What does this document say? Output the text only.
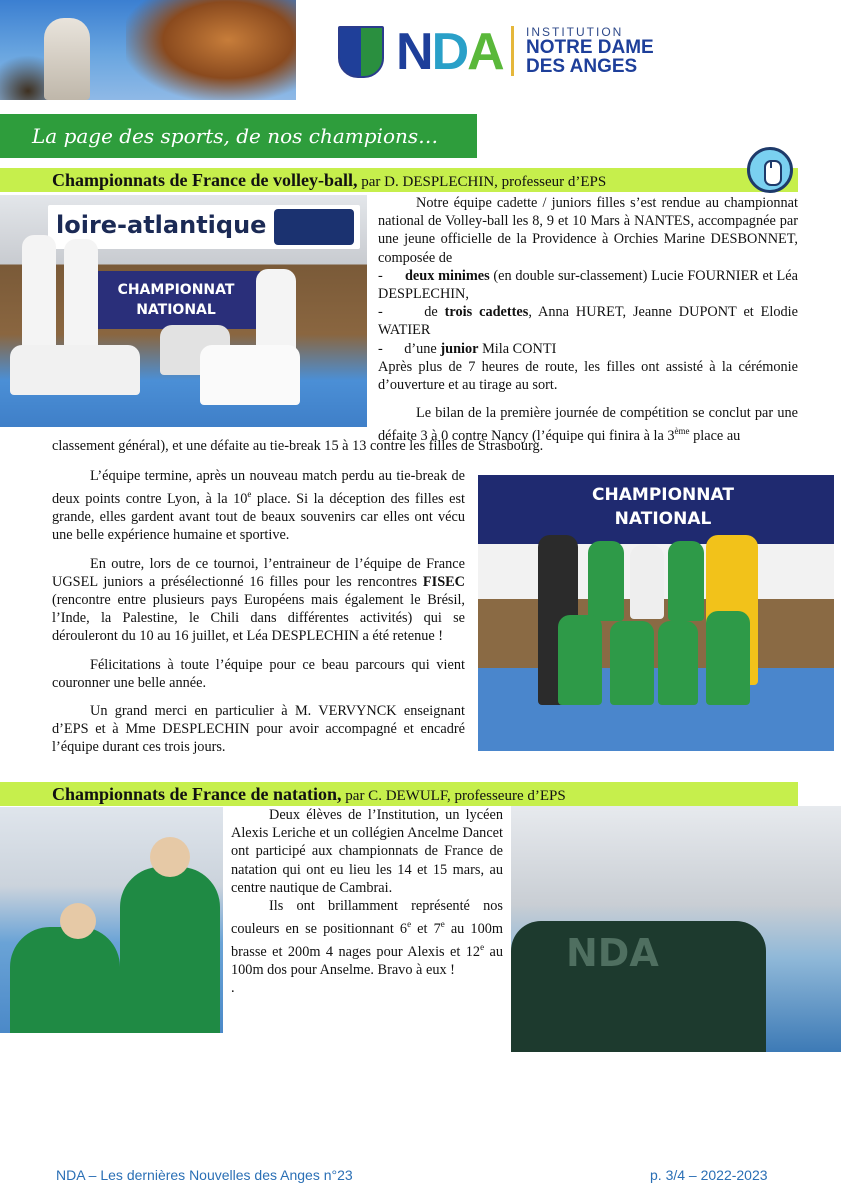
NDA INSTITUTION
NOTRE DAME
DES ANGES
La page des sports, de nos champions…
Championnats de France de volley-ball, par D. DESPLECHIN, professeur d’EPS
loire-atlantique
CHAMPIONNAT
NATIONAL

Notre équipe cadette / juniors filles s’est rendue au championnat national de Volley-ball les 8, 9 et 10 Mars à NANTES, accompagnée par une jeune officielle de la Providence à Orchies Marine DESBONNET, composée de

-      deux minimes (en double sur-classement) Lucie FOURNIER et Léa DESPLECHIN,

-      de trois cadettes, Anna HURET, Jeanne DUPONT et Elodie WATIER

-      d’une junior Mila CONTI

Après plus de 7 heures de route, les filles ont assisté à la cérémonie d’ouverture et au tirage au sort.

Le bilan de la première journée de compétition se conclut par une défaite 3 à 0 contre Nancy (l’équipe qui finira à la 3ème place au

classement général), et une défaite au tie-break 15 à 13 contre les filles de Strasbourg.

L’équipe termine, après un nouveau match perdu au tie-break de deux points contre Lyon, à la 10e place. Si la déception des filles est grande, elles gardent avant tout de beaux souvenirs car elles ont vécu une belle expérience humaine et sportive.

En outre, lors de ce tournoi, l’entraineur de l’équipe de France UGSEL juniors a présélectionné 16 filles pour les rencontres FISEC (rencontre entre plusieurs pays Européens mais également le Brésil, l’Inde, la Palestine, le Chili dans différentes activités) qui se dérouleront du 10 au 16 juillet, et Léa DESPLECHIN a été retenue !

Félicitations à toute l’équipe pour ce beau parcours qui vient couronner une belle année.

Un grand merci en particulier à M. VERVYNCK enseignant d’EPS et à Mme DESPLECHIN pour avoir accompagné et encadré l’équipe durant ces trois jours.

CHAMPIONNAT
NATIONAL
Championnats de France de natation, par C. DEWULF, professeure d’EPS

Deux élèves de l’Institution, un lycéen Alexis Leriche et un collégien Ancelme Dancet ont participé aux championnats de France de natation qui ont eu lieu les 14 et 15 mars, au centre nautique de Cambrai.

Ils ont brillamment représenté nos couleurs en se positionnant 6e et 7e au 100m brasse et 200m 4 nages pour Alexis et 12e au 100m dos pour Anselme. Bravo à eux !

.

NDA
NDA – Les dernières Nouvelles des Anges n°23	p. 3/4 – 2022-2023
